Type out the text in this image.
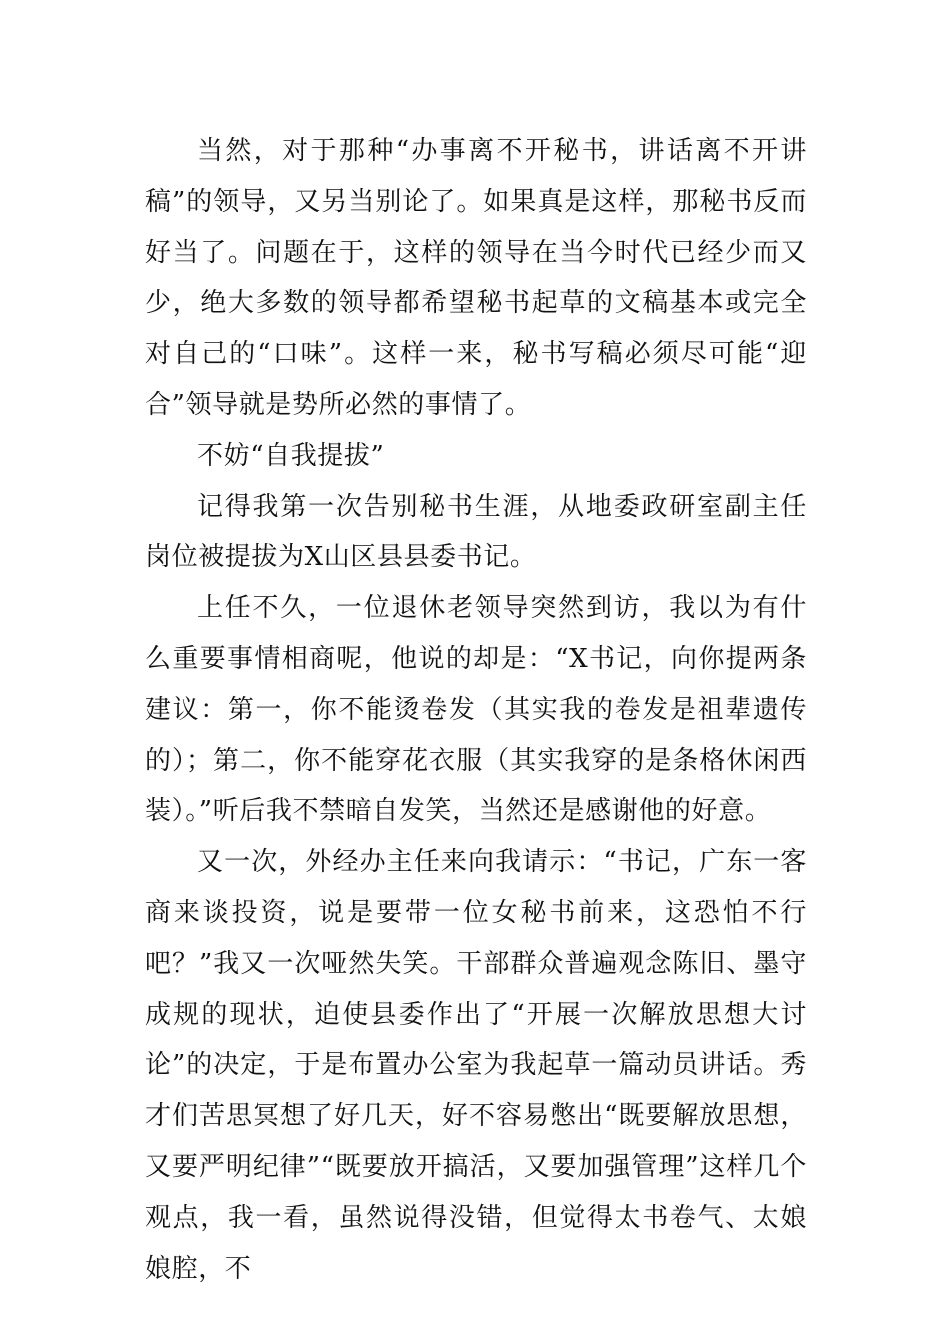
当然，对于那种“办事离不开秘书，讲话离不开讲稿”的领导，又另当别论了。如果真是这样，那秘书反而好当了。问题在于，这样的领导在当今时代已经少而又少，绝大多数的领导都希望秘书起草的文稿基本或完全对自己的“口味”。这样一来，秘书写稿必须尽可能“迎合”领导就是势所必然的事情了。

不妨“自我提拔”

记得我第一次告别秘书生涯，从地委政研室副主任岗位被提拔为X山区县县委书记。

上任不久，一位退休老领导突然到访，我以为有什么重要事情相商呢，他说的却是：“X书记，向你提两条建议：第一，你不能烫卷发（其实我的卷发是祖辈遗传的）；第二，你不能穿花衣服（其实我穿的是条格休闲西装）。”听后我不禁暗自发笑，当然还是感谢他的好意。

又一次，外经办主任来向我请示：“书记，广东一客商来谈投资，说是要带一位女秘书前来，这恐怕不行吧？”我又一次哑然失笑。干部群众普遍观念陈旧、墨守成规的现状，迫使县委作出了“开展一次解放思想大讨论”的决定，于是布置办公室为我起草一篇动员讲话。秀才们苦思冥想了好几天，好不容易憋出“既要解放思想，又要严明纪律”“既要放开搞活，又要加强管理”这样几个观点，我一看，虽然说得没错，但觉得太书卷气、太娘娘腔，不
